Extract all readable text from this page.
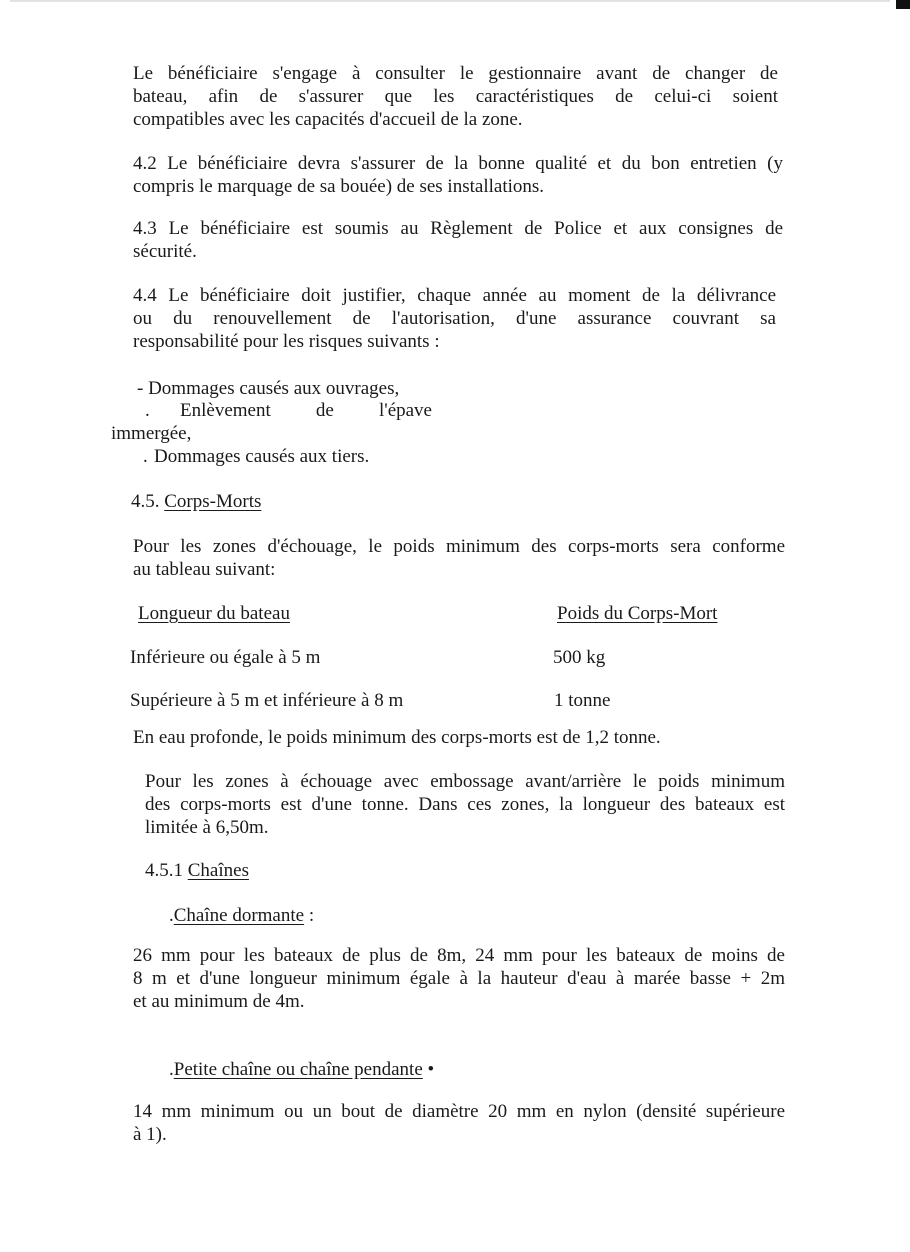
Le bénéficiaire s'engage à consulter le gestionnaire avant de changer de
bateau, afin de s'assurer que les caractéristiques de celui-ci soient
compatibles avec les capacités d'accueil de la zone.

4.2 Le bénéficiaire devra s'assurer de la bonne qualité et du bon entretien (y
compris le marquage de sa bouée) de ses installations.

4.3 Le bénéficiaire est soumis au Règlement de Police et aux consignes de
sécurité.

4.4 Le bénéficiaire doit justifier, chaque année au moment de la délivrance
ou du renouvellement de l'autorisation, d'une assurance couvrant sa
responsabilité pour les risques suivants :

- Dommages causés aux ouvrages,
. Enlèvement de l'épave
immergée,
. Dommages causés aux tiers.
4.5. Corps-Morts

Pour les zones d'échouage, le poids minimum des corps-morts sera conforme
au tableau suivant:

Longueur du bateau	Poids du Corps-Mort
Inférieure ou égale à 5 m	500 kg
Supérieure à 5 m et inférieure à 8 m	1 tonne

En eau profonde, le poids minimum des corps-morts est de 1,2 tonne.

Pour les zones à échouage avec embossage avant/arrière le poids minimum
des corps-morts est d'une tonne. Dans ces zones, la longueur des bateaux est
limitée à 6,50m.

4.5.1 Chaînes
.Chaîne dormante :

26 mm pour les bateaux de plus de 8m, 24 mm pour les bateaux de moins de
8 m et d'une longueur minimum égale à la hauteur d'eau à marée basse + 2m
et au minimum de 4m.

.Petite chaîne ou chaîne pendante •

14 mm minimum ou un bout de diamètre 20 mm en nylon (densité supérieure
à 1).
